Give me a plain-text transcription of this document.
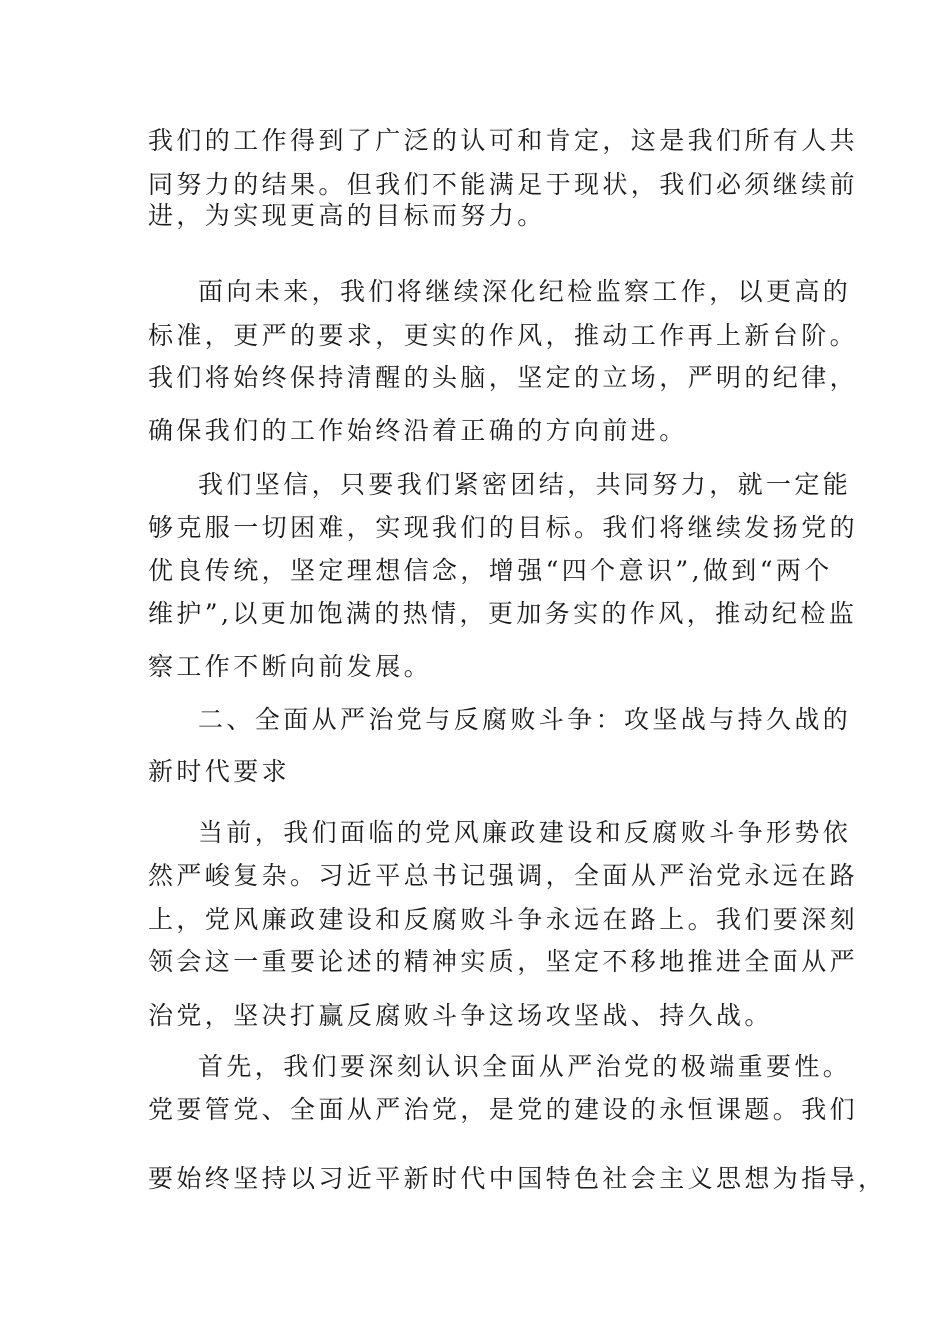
我们的工作得到了广泛的认可和肯定，这是我们所有人共
同努力的结果。但我们不能满足于现状，我们必须继续前
进，为实现更高的目标而努力。
面向未来，我们将继续深化纪检监察工作，以更高的
标准，更严的要求，更实的作风，推动工作再上新台阶。
我们将始终保持清醒的头脑，坚定的立场，严明的纪律，
确保我们的工作始终沿着正确的方向前进。
我们坚信，只要我们紧密团结，共同努力，就一定能
够克服一切困难，实现我们的目标。我们将继续发扬党的
优良传统，坚定理想信念，增强“四个意识”,做到“两个
维护”,以更加饱满的热情，更加务实的作风，推动纪检监
察工作不断向前发展。
二、全面从严治党与反腐败斗争：攻坚战与持久战的
新时代要求
当前，我们面临的党风廉政建设和反腐败斗争形势依
然严峻复杂。习近平总书记强调，全面从严治党永远在路
上，党风廉政建设和反腐败斗争永远在路上。我们要深刻
领会这一重要论述的精神实质，坚定不移地推进全面从严
治党，坚决打赢反腐败斗争这场攻坚战、持久战。
首先，我们要深刻认识全面从严治党的极端重要性。
党要管党、全面从严治党，是党的建设的永恒课题。我们
要始终坚持以习近平新时代中国特色社会主义思想为指导，
